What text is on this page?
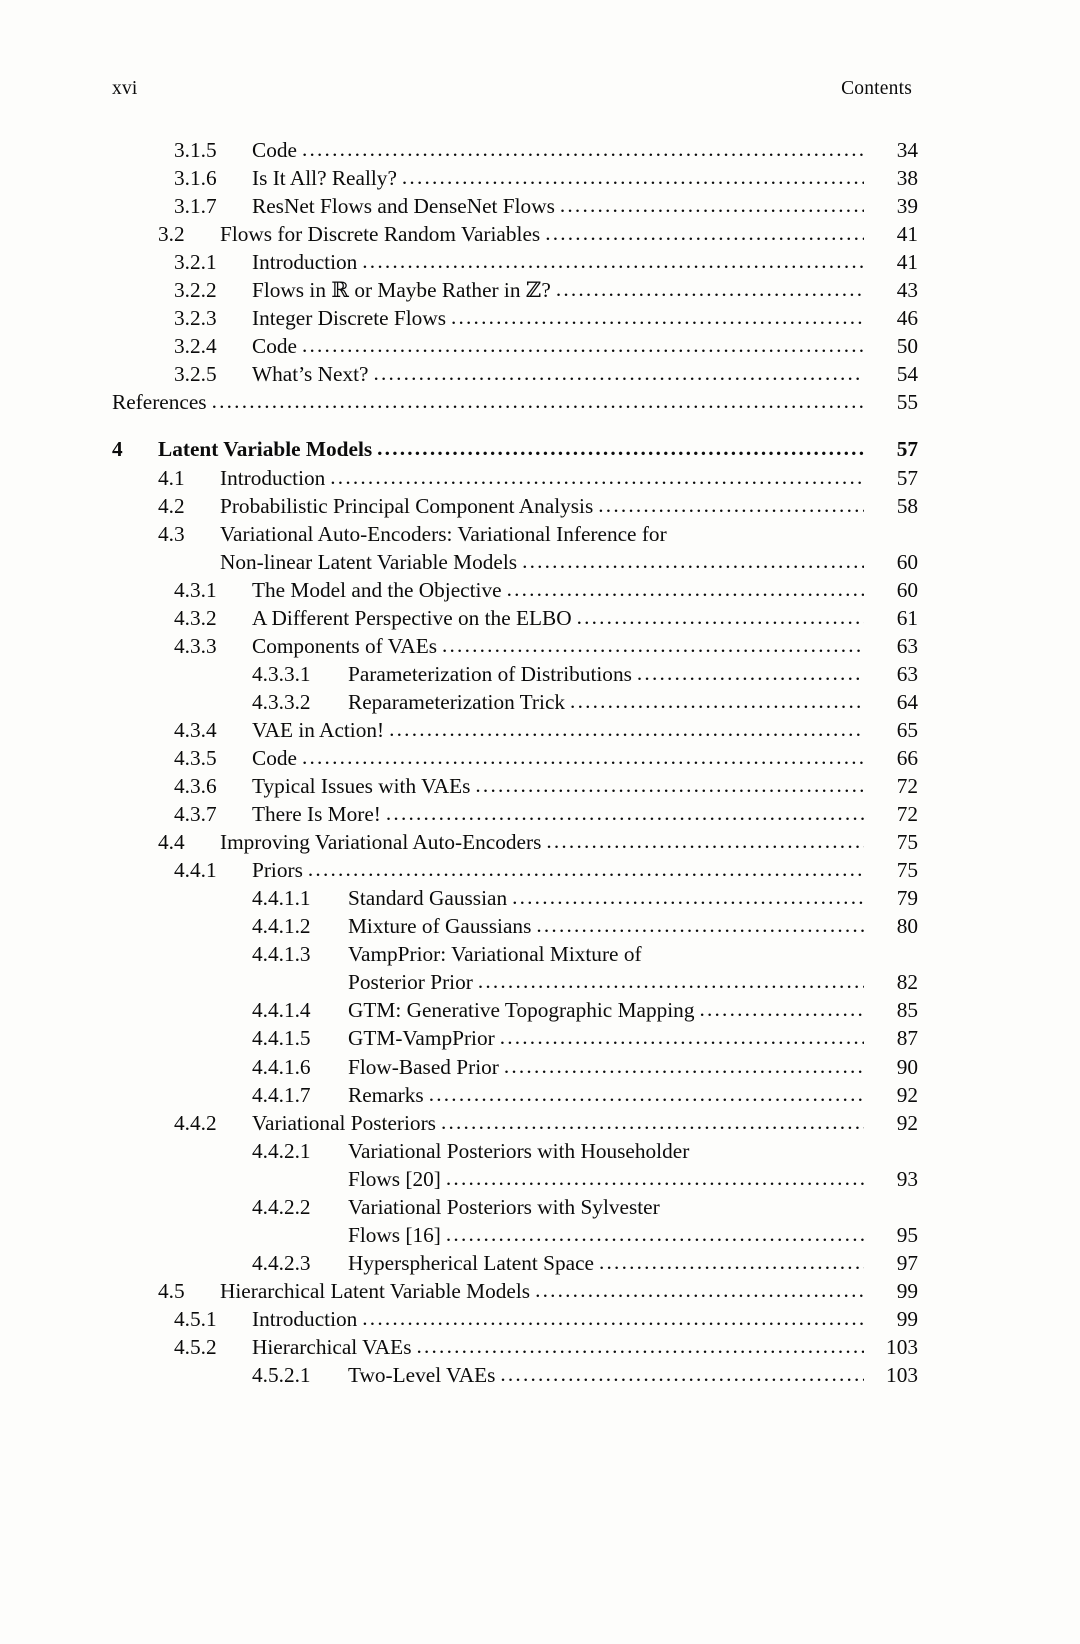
xvi	Contents
3.1.5	Code .....	34
3.1.6	Is It All? Really? .....	38
3.1.7	ResNet Flows and DenseNet Flows .....	39
3.2	Flows for Discrete Random Variables .....	41
3.2.1	Introduction .....	41
3.2.2	Flows in ℝ or Maybe Rather in ℤ? .....	43
3.2.3	Integer Discrete Flows .....	46
3.2.4	Code .....	50
3.2.5	What’s Next? .....	54
References .....	55
4	Latent Variable Models .....	57
4.1	Introduction .....	57
4.2	Probabilistic Principal Component Analysis .....	58
4.3	Variational Auto-Encoders: Variational Inference for
Non-linear Latent Variable Models .....	60
4.3.1	The Model and the Objective .....	60
4.3.2	A Different Perspective on the ELBO .....	61
4.3.3	Components of VAEs .....	63
4.3.3.1	Parameterization of Distributions .....	63
4.3.3.2	Reparameterization Trick .....	64
4.3.4	VAE in Action! .....	65
4.3.5	Code .....	66
4.3.6	Typical Issues with VAEs .....	72
4.3.7	There Is More! .....	72
4.4	Improving Variational Auto-Encoders .....	75
4.4.1	Priors .....	75
4.4.1.1	Standard Gaussian .....	79
4.4.1.2	Mixture of Gaussians .....	80
4.4.1.3	VampPrior: Variational Mixture of
Posterior Prior .....	82
4.4.1.4	GTM: Generative Topographic Mapping .....	85
4.4.1.5	GTM-VampPrior .....	87
4.4.1.6	Flow-Based Prior .....	90
4.4.1.7	Remarks .....	92
4.4.2	Variational Posteriors .....	92
4.4.2.1	Variational Posteriors with Householder
Flows [20] .....	93
4.4.2.2	Variational Posteriors with Sylvester
Flows [16] .....	95
4.4.2.3	Hyperspherical Latent Space .....	97
4.5	Hierarchical Latent Variable Models .....	99
4.5.1	Introduction .....	99
4.5.2	Hierarchical VAEs .....	103
4.5.2.1	Two-Level VAEs .....	103
